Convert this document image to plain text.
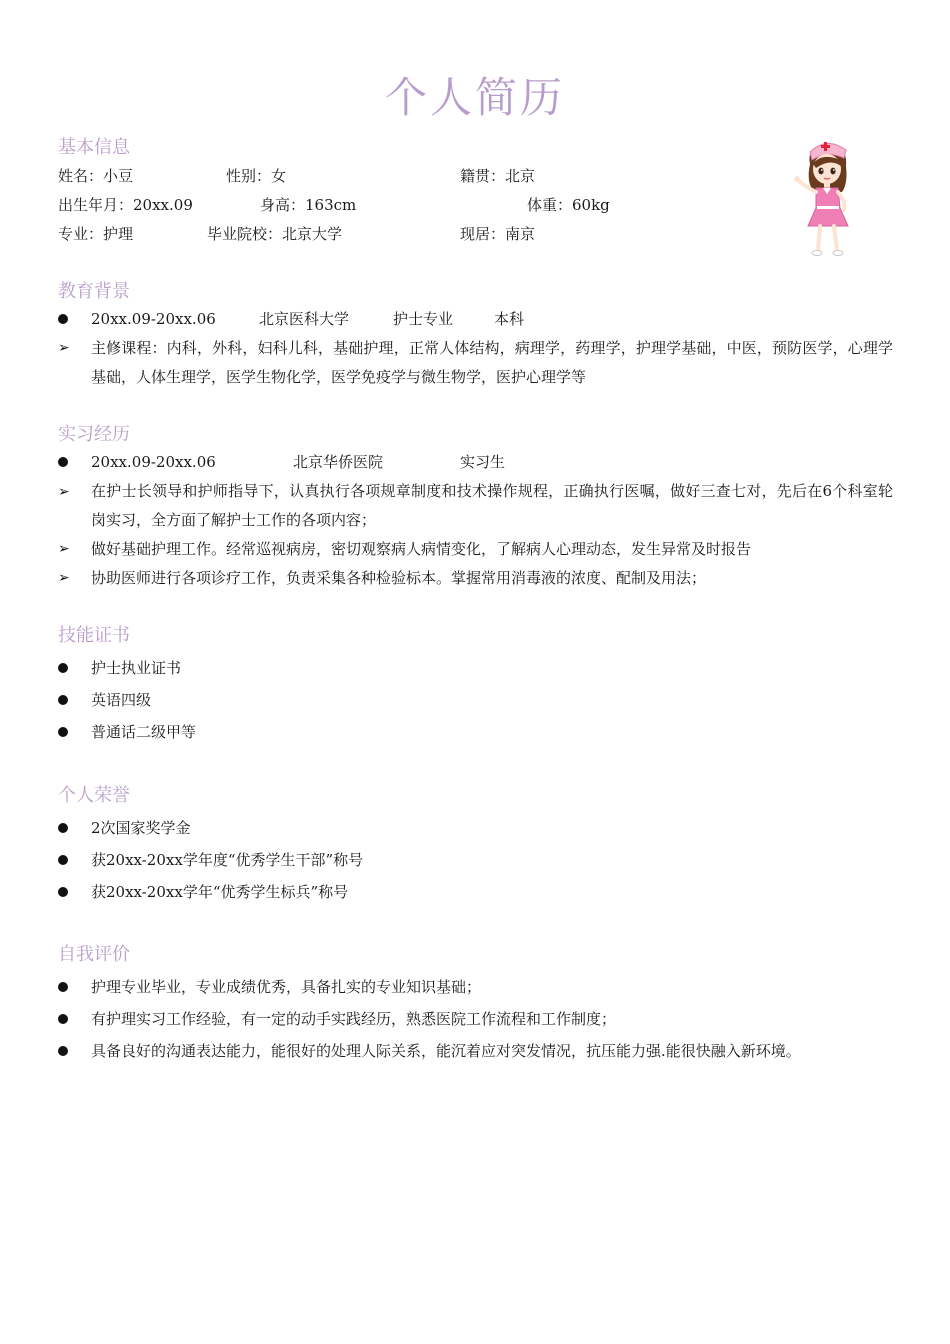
个人简历
基本信息
姓名：小豆	性别：女	籍贯：北京
出生年月：20xx.09	身高：163cm	体重：60kg
专业：护理	毕业院校：北京大学	现居：南京
教育背景
20xx.09-20xx.06	北京医科大学	护士专业	本科
➢ 主修课程：内科，外科，妇科儿科，基础护理，正常人体结构，病理学，药理学，护理学基础，中医，预防医学，心理学基础，人体生理学，医学生物化学，医学免疫学与微生物学，医护心理学等
实习经历
20xx.09-20xx.06	北京华侨医院	实习生
➢ 在护士长领导和护师指导下，认真执行各项规章制度和技术操作规程，正确执行医嘱，做好三查七对，先后在6个科室轮岗实习，全方面了解护士工作的各项内容；
➢ 做好基础护理工作。经常巡视病房，密切观察病人病情变化，了解病人心理动态，发生异常及时报告
➢ 协助医师进行各项诊疗工作，负责采集各种检验标本。掌握常用消毒液的浓度、配制及用法；
技能证书
护士执业证书
英语四级
普通话二级甲等
个人荣誉
2次国家奖学金
获20xx-20xx学年度“优秀学生干部”称号
获20xx-20xx学年“优秀学生标兵”称号
自我评价
护理专业毕业，专业成绩优秀，具备扎实的专业知识基础；
有护理实习工作经验，有一定的动手实践经历，熟悉医院工作流程和工作制度；
具备良好的沟通表达能力，能很好的处理人际关系，能沉着应对突发情况，抗压能力强.能很快融入新环境。
